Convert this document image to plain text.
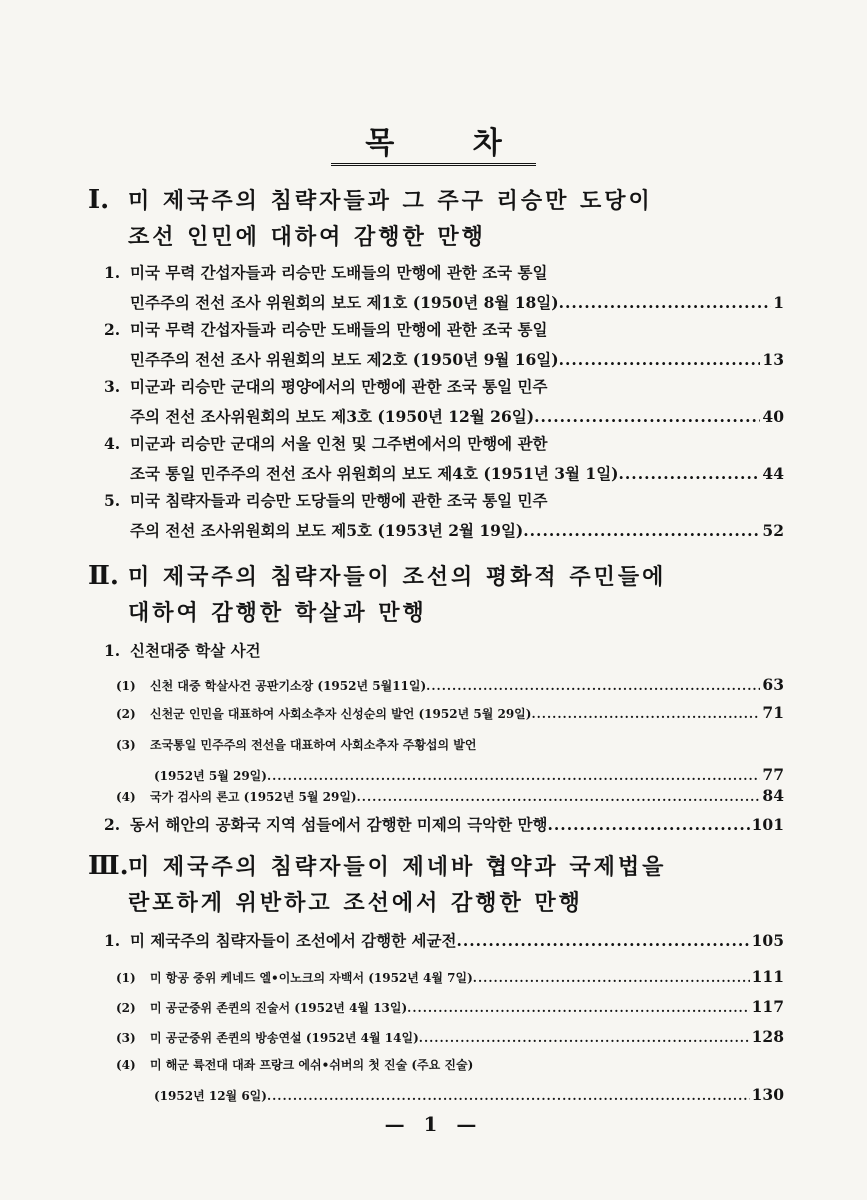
목 차
Ⅰ. 미 제국주의 침략자들과 그 주구 리승만 도당이
조선 인민에 대하여 감행한 만행
1. 미국 무력 간섭자들과 리승만 도배들의 만행에 관한 조국 통일
민주주의 전선 조사 위원회의 보도 제1호 (1950년 8월 18일) .....	1
2. 미국 무력 간섭자들과 리승만 도배들의 만행에 관한 조국 통일
민주주의 전선 조사 위원회의 보도 제2호 (1950년 9월 16일) .....	13
3. 미군과 리승만 군대의 평양에서의 만행에 관한 조국 통일 민주
주의 전선 조사위원회의 보도 제3호 (1950년 12월 26일) .....	40
4. 미군과 리승만 군대의 서울 인천 및 그주변에서의 만행에 관한
조국 통일 민주주의 전선 조사 위원회의 보도 제4호 (1951년 3월 1일) .....	44
5. 미국 침략자들과 리승만 도당들의 만행에 관한 조국 통일 민주
주의 전선 조사위원회의 보도 제5호 (1953년 2월 19일) .....	52
Ⅱ. 미 제국주의 침략자들이 조선의 평화적 주민들에
대하여 감행한 학살과 만행
1. 신천대중 학살 사건
(1)	신천 대중 학살사건 공판기소장 (1952년 5월11일) .....	63
(2)	신천군 인민을 대표하여 사회소추자 신성순의 발언 (1952년 5월 29일) .....	71
(3)	조국통일 민주주의 전선을 대표하여 사회소추자 주황섭의 발언
(1952년 5월 29일) .....	77
(4)	국가 검사의 론고 (1952년 5월 29일) .....	84
2. 동서 해안의 공화국 지역 섬들에서 감행한 미제의 극악한 만행 .....	101
Ⅲ.미 제국주의 침략자들이 제네바 협약과 국제법을
란포하게 위반하고 조선에서 감행한 만행
1. 미 제국주의 침략자들이 조선에서 감행한 세균전 .....	105
(1)	미 항공 중위 케네드 엘•이노크의 자백서 (1952년 4월 7일) .....	111
(2)	미 공군중위 존퀸의 진술서 (1952년 4월 13일) .....	117
(3)	미 공군중위 존퀸의 방송연설 (1952년 4월 14일) .....	128
(4)	미 해군 륙전대 대좌 프랑크 에쉬•쉬버의 첫 진술 (주요 진술)
(1952년 12월 6일) .....	130
— 1 —
